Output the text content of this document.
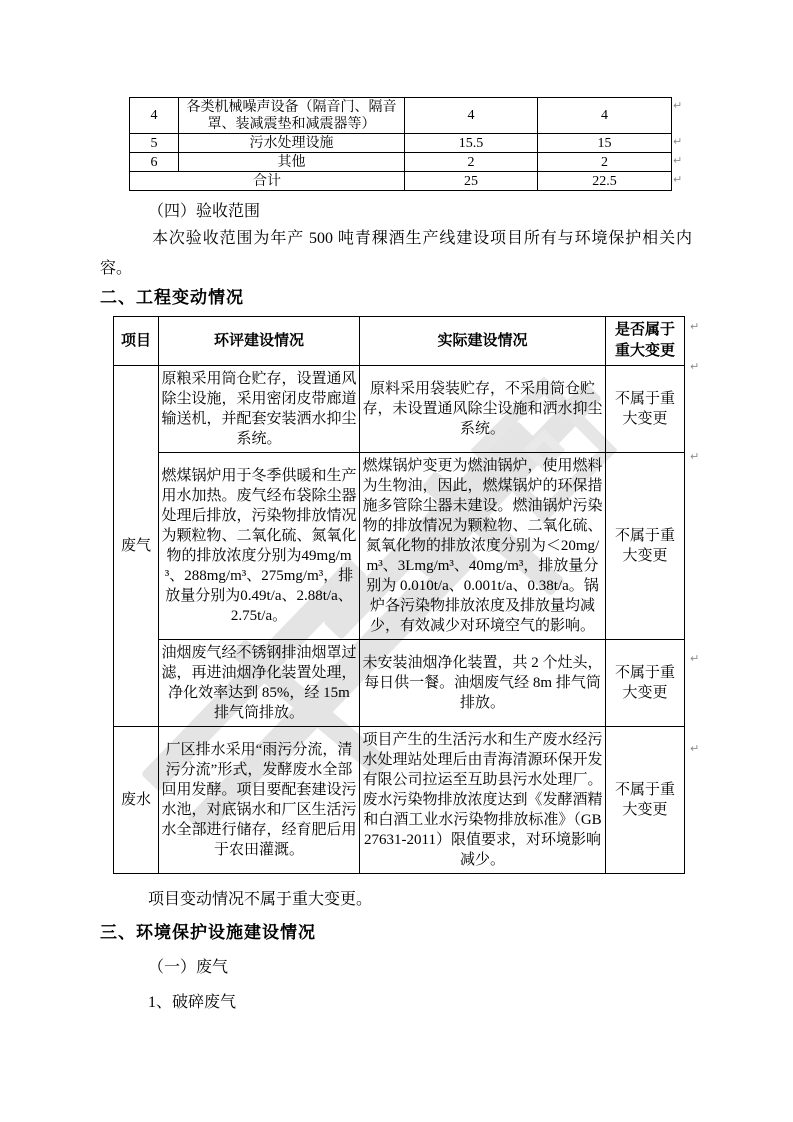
4	各类机械噪声设备（隔音门、隔音罩、装减震垫和减震器等）	4	4
5	污水处理设施	15.5	15
6	其他	2	2
合计		25	22.5
（四）验收范围
本次验收范围为年产 500 吨青稞酒生产线建设项目所有与环境保护相关内容。
二、工程变动情况
项目	环评建设情况	实际建设情况	是否属于重大变更
废气	原粮采用筒仓贮存，设置通风除尘设施，采用密闭皮带廊道输送机，并配套安装洒水抑尘系统。	原料采用袋装贮存，不采用筒仓贮存，未设置通风除尘设施和洒水抑尘系统。	不属于重大变更
	燃煤锅炉用于冬季供暖和生产用水加热。废气经布袋除尘器处理后排放，污染物排放情况为颗粒物、二氧化硫、氮氧化物的排放浓度分别为49mg/m³、288mg/m³、275mg/m³，排放量分别为0.49t/a、2.88t/a、2.75t/a。	燃煤锅炉变更为燃油锅炉，使用燃料为生物油，因此，燃煤锅炉的环保措施多管除尘器未建设。燃油锅炉污染物的排放情况为颗粒物、二氧化硫、氮氧化物的排放浓度分别为＜20mg/m³、3Lmg/m³、40mg/m³，排放量分别为 0.010t/a、0.001t/a、0.38t/a。锅炉各污染物排放浓度及排放量均减少，有效减少对环境空气的影响。	不属于重大变更
	油烟废气经不锈钢排油烟罩过滤，再进油烟净化装置处理，净化效率达到 85%，经 15m 排气筒排放。	未安装油烟净化装置，共 2 个灶头，每日供一餐。油烟废气经 8m 排气筒排放。	不属于重大变更
废水	厂区排水采用“雨污分流，清污分流”形式，发酵废水全部回用发酵。项目要配套建设污水池，对底锅水和厂区生活污水全部进行储存，经育肥后用于农田灌溉。	项目产生的生活污水和生产废水经污水处理站处理后由青海清源环保开发有限公司拉运至互助县污水处理厂。废水污染物排放浓度达到《发酵酒精和白酒工业水污染物排放标准》（GB27631-2011）限值要求，对环境影响减少。	不属于重大变更
项目变动情况不属于重大变更。
三、环境保护设施建设情况
（一）废气
1、破碎废气
↵
↵
↵
↵
↵
↵
↵
↵
↵
